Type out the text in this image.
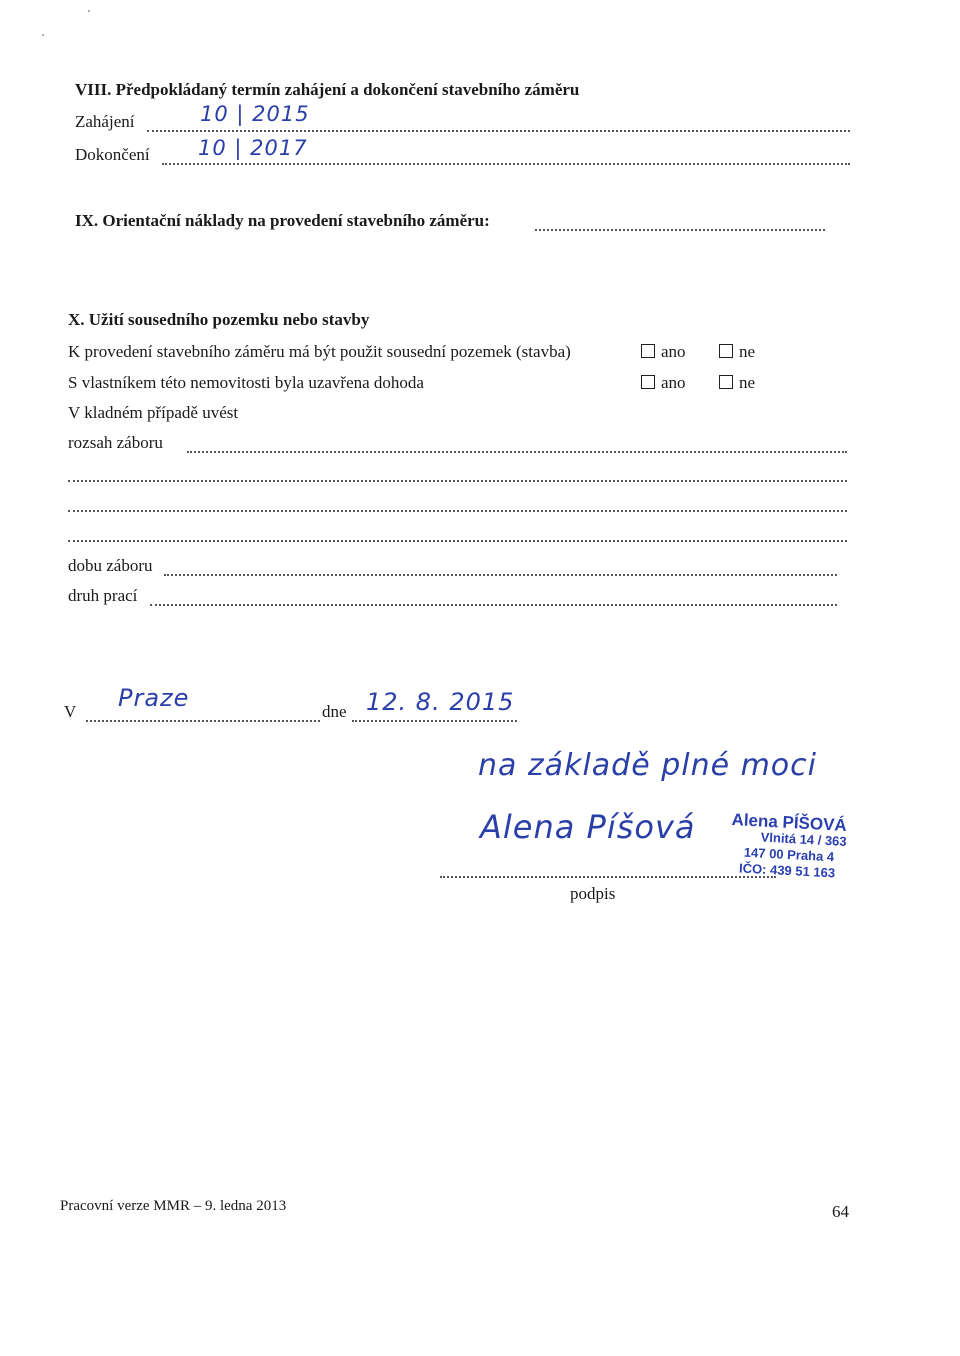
VIII. Předpokládaný termín zahájení a dokončení stavebního záměru
Zahájení	10 | 2015
Dokončení 10 | 2017
IX. Orientační náklady na provedení stavebního záměru:
X. Užití sousedního pozemku nebo stavby
K provedení stavebního záměru má být použit sousední pozemek (stavba)	ano	ne
S vlastníkem této nemovitosti byla uzavřena dohoda	ano	ne
V kladném případě uvést
rozsah záboru
dobu záboru
druh prací
V Praze	dne 12. 8. 2015
na základě plné moci
Alena Píšová Alena PÍŠOVÁ
Vlnitá 14 / 363
147 00 Praha 4
IČO: 439 51 163
podpis
Pracovní verze MMR – 9. ledna 2013	64
